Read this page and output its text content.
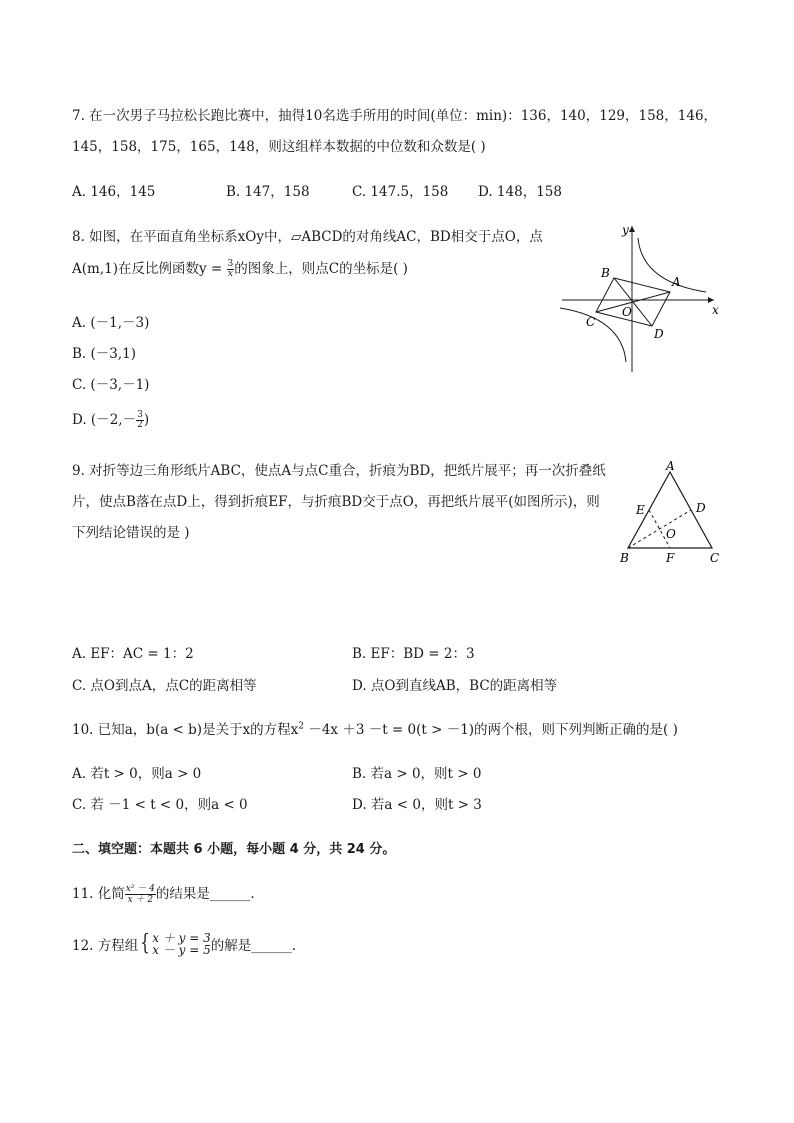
7. 在一次男子马拉松长跑比赛中，抽得10名选手所用的时间(单位：min)：136，140，129，158，146，
145，158，175，165，148，则这组样本数据的中位数和众数是( )
A. 146，145	B. 147，158	C. 147.5，158 D. 148，158
8. 如图，在平面直角坐标系xOy中，▱ABCD的对角线AC，BD相交于点O，点
A(m,1)在反比例函数$y = \frac{3}{x}$ 的图象上，则点C的坐标是( )
A. (－1,－3)
B. (－3,1)
C. (－3,－1)
D. ($-2,- \frac{3}{2}$ )
y
x
A
B
C
D
O
9. 对折等边三角形纸片ABC，使点A与点C重合，折痕为BD，把纸片展平；再一次折叠纸
片，使点B落在点D上，得到折痕EF，与折痕BD交于点O，再把纸片展平(如图所示)，则
下列结论错误的是 )
A
B	C
D
E
F
O
A. EF：AC = 1：2	B. EF：BD = 2：3
C. 点O到点A，点C的距离相等	D. 点O到直线AB，BC的距离相等
10. 已知a，b(a < b)是关于x的方程$x^2 -4x +3 -t = 0(t > -1)$的两个根，则下列判断正确的是( )
A. 若t > 0，则a > 0	B. 若a > 0，则t > 0
C. 若 －1 < t < 0，则a < 0	D. 若a < 0，则t > 3
二、填空题：本题共 6 小题，每小题 4 分，共 24 分。
11. 化简 $\frac{\text{x² － 4}}{x + 2}$ 的结果是______.
12. 方程组{ x ＋ y = 3
x － y = 5 的解是______.
